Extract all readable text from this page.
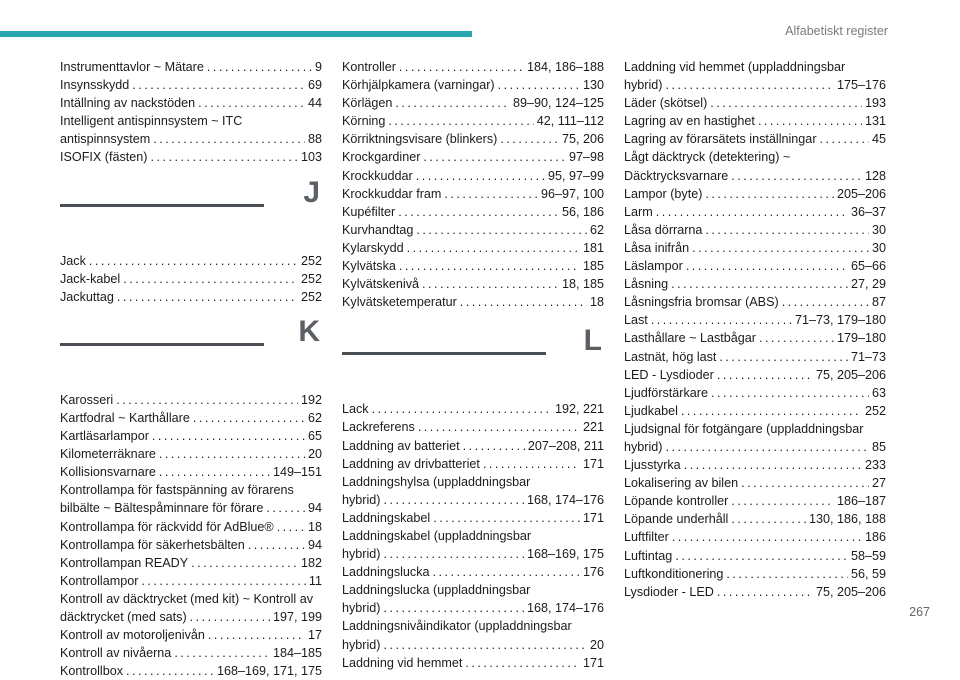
Alfabetiskt register
Instrumenttavlor ~ Mätare . . .	9
Insynsskydd . . .	69
Intällning av nackstöden . . .	44
Intelligent antispinnsystem ~ ITC
antispinnsystem . . .	88
ISOFIX (fästen) . . .	103
J
Jack . . .	252
Jack-kabel . . .	252
Jackuttag . . .	252
K
Karosseri . . .	192
Kartfodral ~ Karthållare . . .	62
Kartläsarlampor . . .	65
Kilometerräknare . . .	20
Kollisionsvarnare . . .	149–151
Kontrollampa för fastspänning av förarens
bilbälte ~ Bältespåminnare för förare . . .	94
Kontrollampa för räckvidd för AdBlue® . . .	18
Kontrollampa för säkerhetsbälten . . .	94
Kontrollampan READY . . .	182
Kontrollampor . . .	11
Kontroll av däcktrycket (med kit) ~ Kontroll av
däcktrycket (med sats) . . .	197, 199
Kontroll av motoroljenivån . . .	17
Kontroll av nivåerna . . .	184–185
Kontrollbox . . .	168–169, 171, 175
Kontroller . . .	184, 186–188
Körhjälpkamera (varningar) . . .	130
Körlägen . . .	89–90, 124–125
Körning . . .	42, 111–112
Körriktningsvisare (blinkers) . . .	75, 206
Krockgardiner . . .	97–98
Krockkuddar . . .	95, 97–99
Krockkuddar fram . . .	96–97, 100
Kupéfilter . . .	56, 186
Kurvhandtag . . .	62
Kylarskydd . . .	181
Kylvätska . . .	185
Kylvätskenivå . . .	18, 185
Kylvätsketemperatur . . .	18
L
Lack . . .	192, 221
Lackreferens . . .	221
Laddning av batteriet . . .	207–208, 211
Laddning av drivbatteriet . . .	171
Laddningshylsa (uppladdningsbar
hybrid) . . .	168, 174–176
Laddningskabel . . .	171
Laddningskabel (uppladdningsbar
hybrid) . . .	168–169, 175
Laddningslucka . . .	176
Laddningslucka (uppladdningsbar
hybrid) . . .	168, 174–176
Laddningsnivåindikator (uppladdningsbar
hybrid) . . .	20
Laddning vid hemmet . . .	171
Laddning vid hemmet (uppladdningsbar
hybrid) . . .	175–176
Läder (skötsel) . . .	193
Lagring av en hastighet . . .	131
Lagring av förarsätets inställningar . . .	45
Lågt däcktryck (detektering) ~
Däcktrycksvarnare . . .	128
Lampor (byte) . . .	205–206
Larm . . .	36–37
Låsa dörrarna . . .	30
Låsa inifrån . . .	30
Läslampor . . .	65–66
Låsning . . .	27, 29
Låsningsfria bromsar (ABS) . . .	87
Last . . .	71–73, 179–180
Lasthållare ~ Lastbågar . . .	179–180
Lastnät, hög last . . .	71–73
LED - Lysdioder . . .	75, 205–206
Ljudförstärkare . . .	63
Ljudkabel . . .	252
Ljudsignal för fotgängare (uppladdningsbar
hybrid) . . .	85
Ljusstyrka . . .	233
Lokalisering av bilen . . .	27
Löpande kontroller . . .	186–187
Löpande underhåll . . .	130, 186, 188
Luftfilter . . .	186
Luftintag . . .	58–59
Luftkonditionering . . .	56, 59
Lysdioder - LED . . .	75, 205–206
267
